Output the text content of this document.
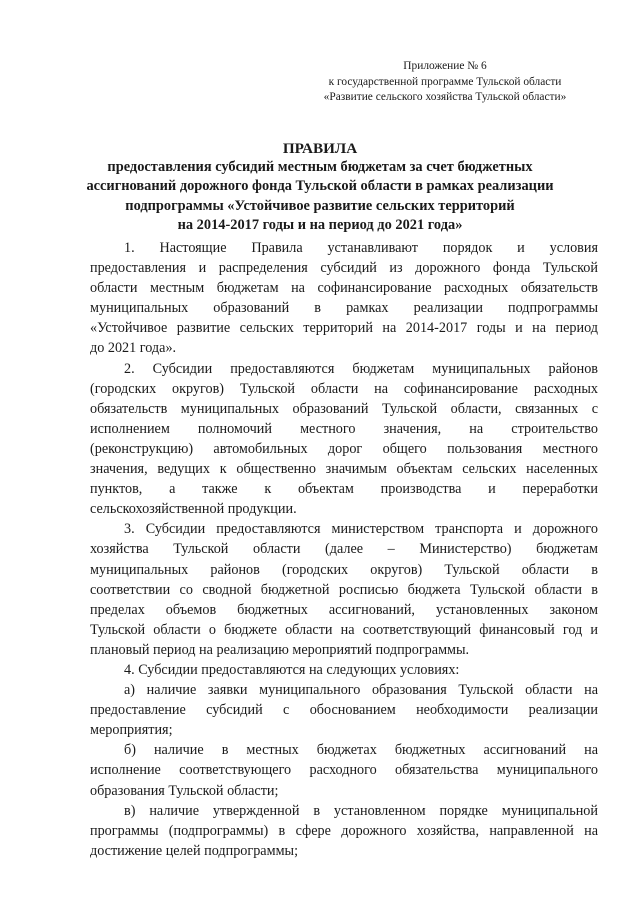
Приложение № 6
к государственной программе Тульской области
«Развитие сельского хозяйства Тульской области»
ПРАВИЛА
предоставления субсидий местным бюджетам за счет бюджетных
ассигнований дорожного фонда Тульской области в рамках реализации
подпрограммы «Устойчивое развитие сельских территорий
на 2014-2017 годы и на период до 2021 года»
1. Настоящие Правила устанавливают порядок и условия
предоставления и распределения субсидий из дорожного фонда Тульской
области местным бюджетам на софинансирование расходных обязательств
муниципальных образований в рамках реализации подпрограммы
«Устойчивое развитие сельских территорий на 2014-2017 годы и на период
до 2021 года».
2. Субсидии предоставляются бюджетам муниципальных районов
(городских округов) Тульской области на софинансирование расходных
обязательств муниципальных образований Тульской области, связанных с
исполнением полномочий местного значения, на строительство
(реконструкцию) автомобильных дорог общего пользования местного
значения, ведущих к общественно значимым объектам сельских населенных
пунктов, а также к объектам производства и переработки
сельскохозяйственной продукции.
3. Субсидии предоставляются министерством транспорта и дорожного
хозяйства Тульской области (далее – Министерство) бюджетам
муниципальных районов (городских округов) Тульской области в
соответствии со сводной бюджетной росписью бюджета Тульской области в
пределах объемов бюджетных ассигнований, установленных законом
Тульской области о бюджете области на соответствующий финансовый год и
плановый период на реализацию мероприятий подпрограммы.
4. Субсидии предоставляются на следующих условиях:
а) наличие заявки муниципального образования Тульской области на
предоставление субсидий с обоснованием необходимости реализации
мероприятия;
б) наличие в местных бюджетах бюджетных ассигнований на
исполнение соответствующего расходного обязательства муниципального
образования Тульской области;
в) наличие утвержденной в установленном порядке муниципальной
программы (подпрограммы) в сфере дорожного хозяйства, направленной на
достижение целей подпрограммы;
